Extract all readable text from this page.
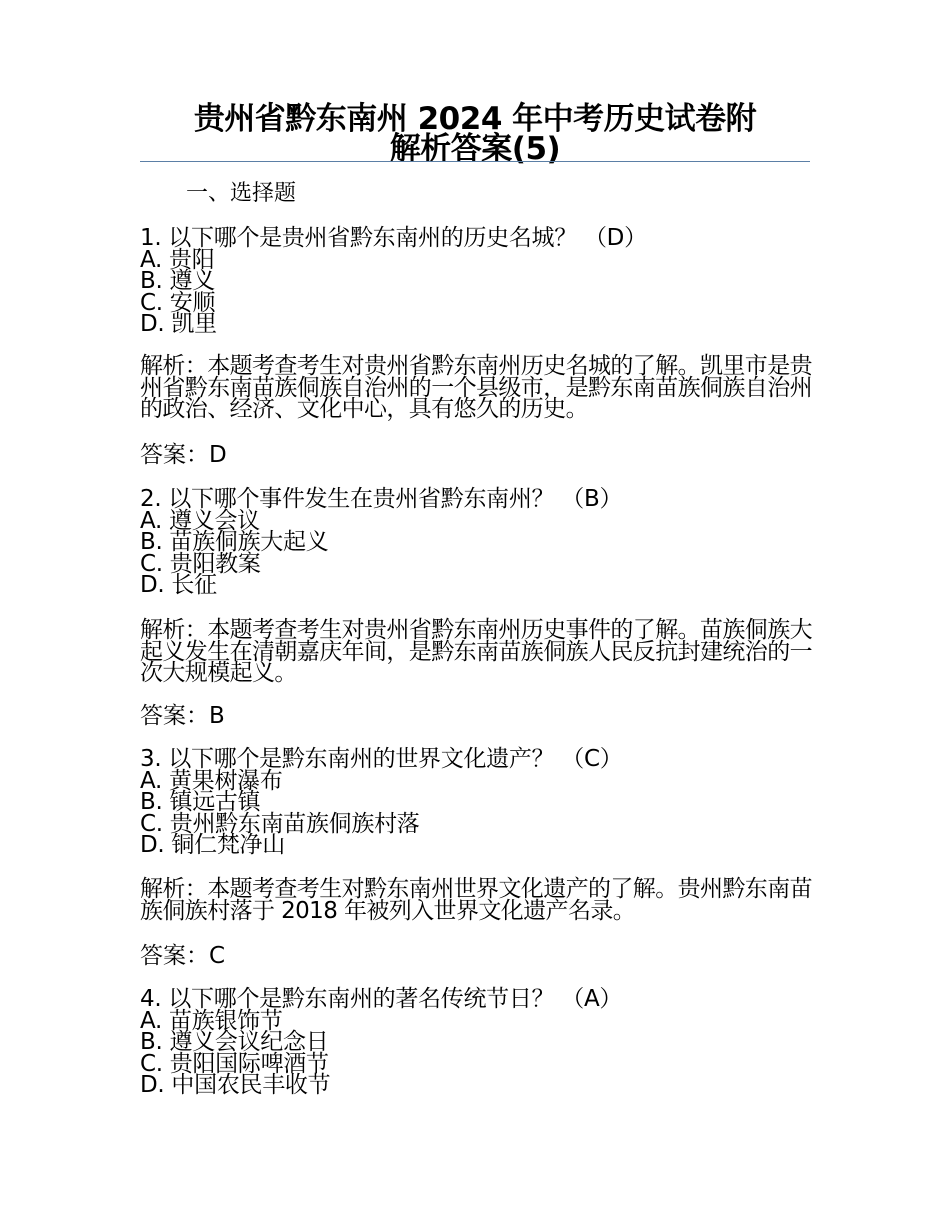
贵州省黔东南州 2024 年中考历史试卷附
解析答案(5)
一、选择题
1. 以下哪个是贵州省黔东南州的历史名城？ （D）
A. 贵阳
B. 遵义
C. 安顺
D. 凯里
解析：本题考查考生对贵州省黔东南州历史名城的了解。凯里市是贵州省黔东南苗族侗族自治州的一个县级市，是黔东南苗族侗族自治州的政治、经济、文化中心，具有悠久的历史。
答案：D
2. 以下哪个事件发生在贵州省黔东南州？ （B）
A. 遵义会议
B. 苗族侗族大起义
C. 贵阳教案
D. 长征
解析：本题考查考生对贵州省黔东南州历史事件的了解。苗族侗族大起义发生在清朝嘉庆年间，是黔东南苗族侗族人民反抗封建统治的一次大规模起义。
答案：B
3. 以下哪个是黔东南州的世界文化遗产？ （C）
A. 黄果树瀑布
B. 镇远古镇
C. 贵州黔东南苗族侗族村落
D. 铜仁梵净山
解析：本题考查考生对黔东南州世界文化遗产的了解。贵州黔东南苗族侗族村落于 2018 年被列入世界文化遗产名录。
答案：C
4. 以下哪个是黔东南州的著名传统节日？ （A）
A. 苗族银饰节
B. 遵义会议纪念日
C. 贵阳国际啤酒节
D. 中国农民丰收节
